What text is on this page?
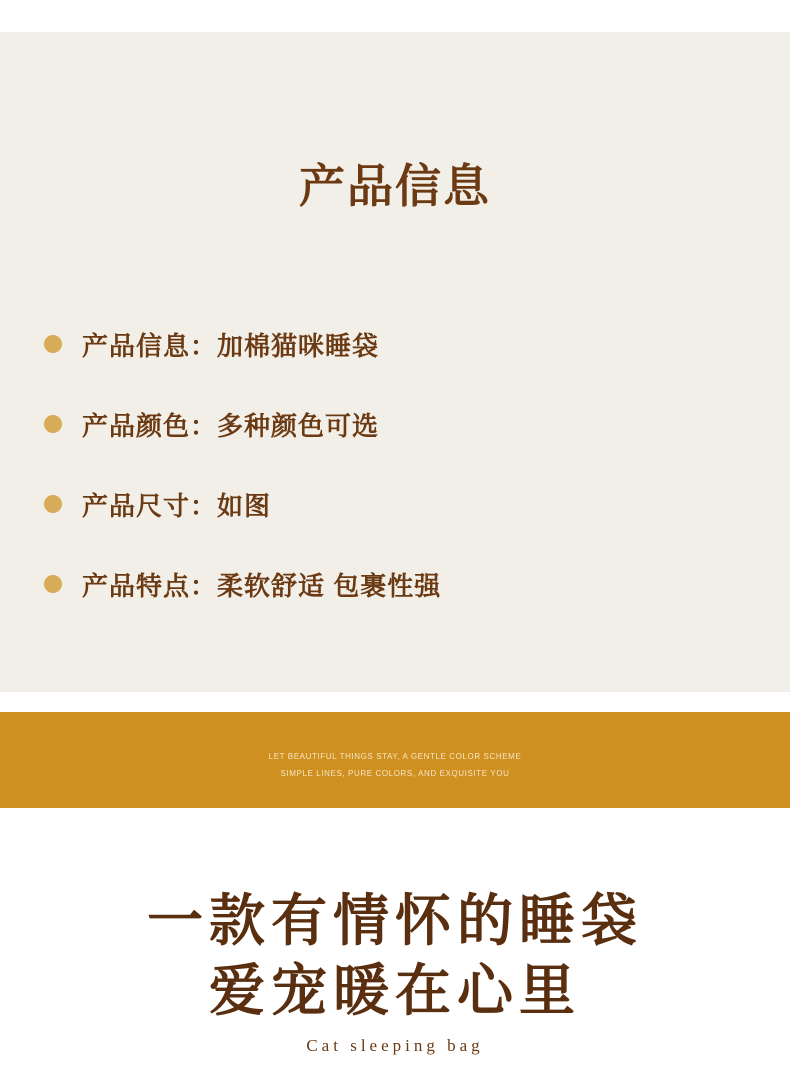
产品信息
产品信息：加棉猫咪睡袋
产品颜色：多种颜色可选
产品尺寸：如图
产品特点：柔软舒适 包裹性强
LET BEAUTIFUL THINGS STAY, A GENTLE COLOR SCHEME
SIMPLE LINES, PURE COLORS, AND EXQUISITE YOU
一款有情怀的睡袋
爱宠暖在心里
Cat sleeping bag
